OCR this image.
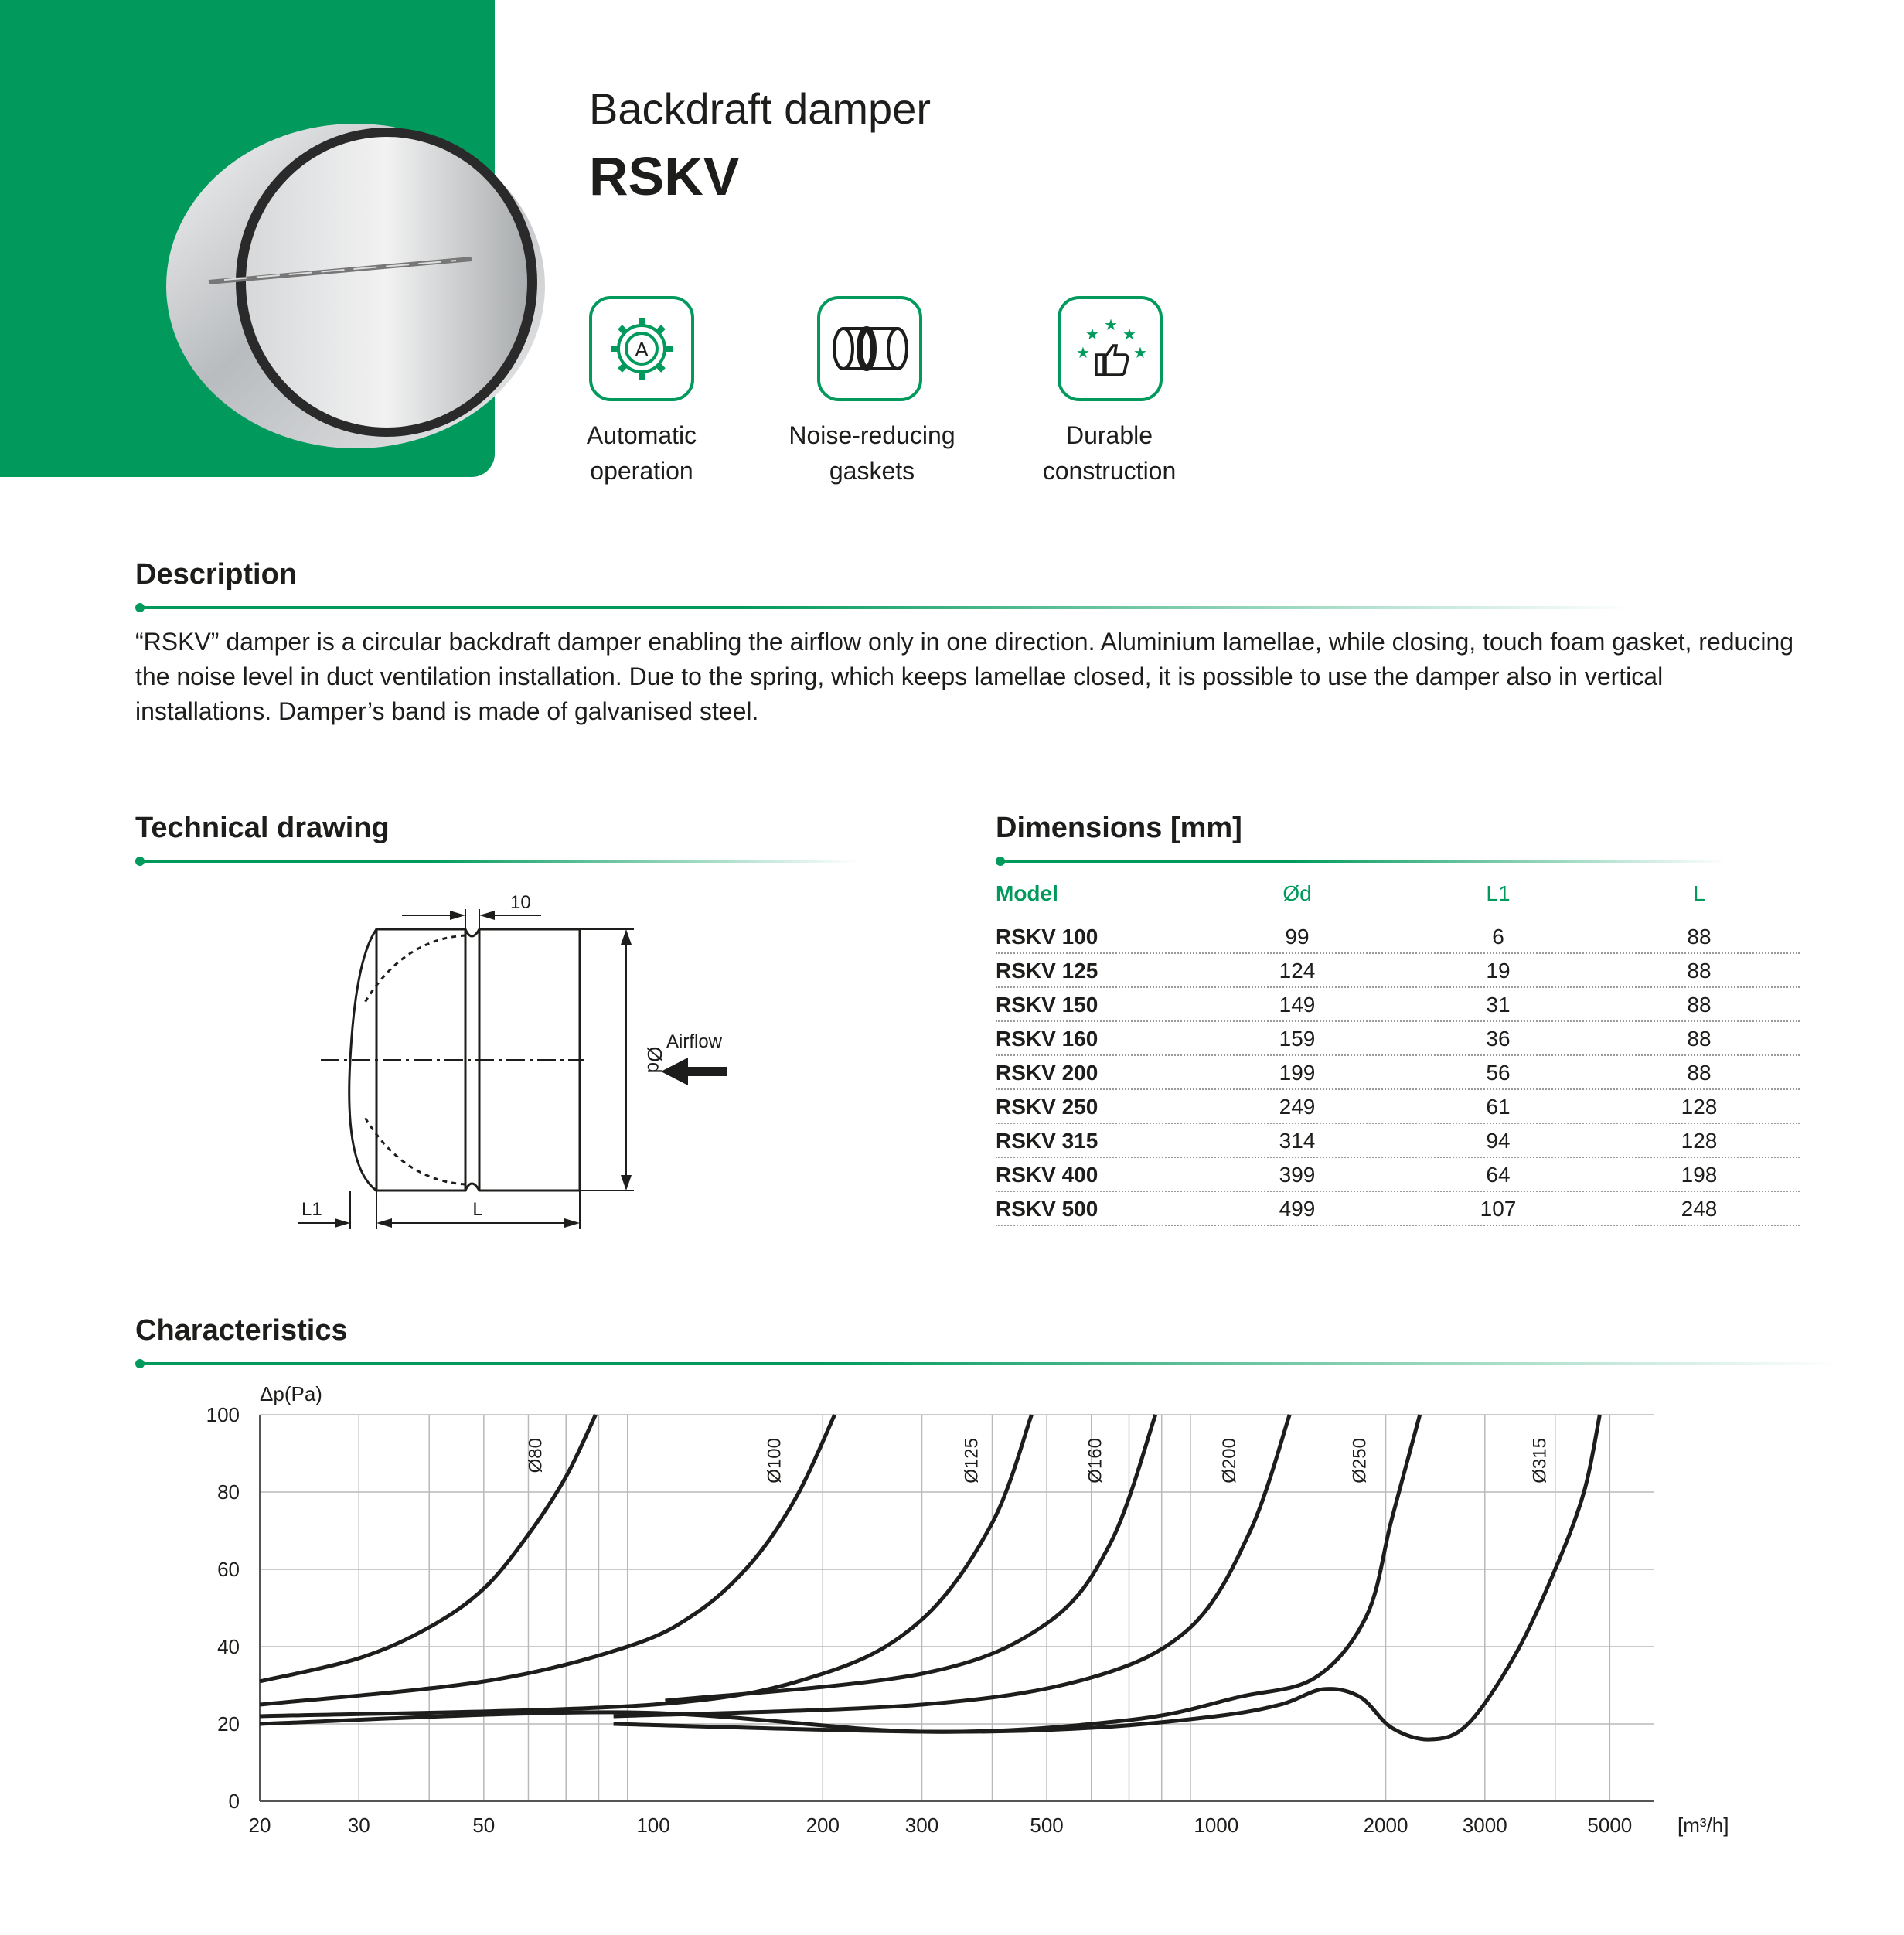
Backdraft damper
RSKV
A
Automatic
operation
Noise-reducing
gaskets
★
★
★
★
★
Durable
construction
Description
“RSKV” damper is a circular backdraft damper enabling the airflow only in one direction. Aluminium lamellae, while closing, touch foam gasket, reducing the noise level in duct ventilation installation. Due to the spring, which keeps lamellae closed, it is possible to use the damper also in vertical installations. Damper’s band is made of galvanised steel.
Technical drawing
10
Ød
Airflow
L1	L
Dimensions [mm]
Model	Ød	L1	L
RSKV 100	99	6	88
RSKV 125	124	19	88
RSKV 150	149	31	88
RSKV 160	159	36	88
RSKV 200	199	56	88
RSKV 250	249	61	128
RSKV 315	314	94	128
RSKV 400	399	64	198
RSKV 500	499	107	248
Characteristics
20	30	50	100	200	300	500	1000	2000	3000	5000
0
20
40
60
80
100
Δp(Pa)
[m³/h]
Ø80	Ø100	Ø125	Ø160	Ø200	Ø250	Ø315
